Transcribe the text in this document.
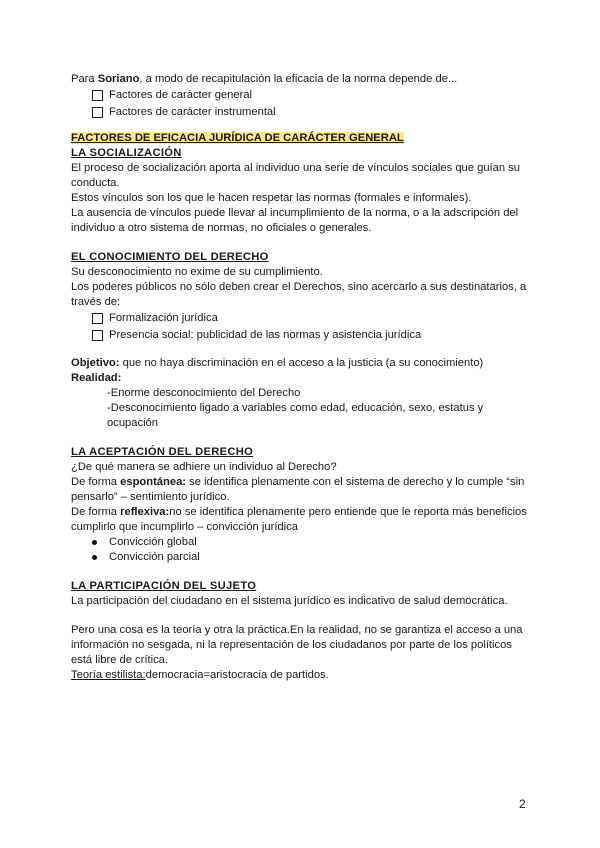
Para Soriano, a modo de recapitulación la eficacia de la norma depende de...

Factores de carácter general
Factores de carácter instrumental

FACTORES DE EFICACIA JURÍDICA DE CARÁCTER GENERAL

LA SOCIALIZACIÓN

El proceso de socialización aporta al individuo una serie de vínculos sociales que guían su conducta.

Estos vínculos son los que le hacen respetar las normas (formales e informales).

La ausencia de vínculos puede llevar al incumplimiento de la norma, o a la adscripción del individuo a otro sistema de normas, no oficiales o generales.

EL CONOCIMIENTO DEL DERECHO

Su desconocimiento no exime de su cumplimiento.

Los poderes públicos no sólo deben crear el Derechos, sino acercarlo a sus destinatarios, a través de:

Formalización jurídica
Presencia social: publicidad de las normas y asistencia jurídica

Objetivo: que no haya discriminación en el acceso a la justicia (a su conocimiento)

Realidad:

-Enorme desconocimiento del Derecho

-Desconocimiento ligado a variables como edad, educación, sexo, estatus y ocupación

LA ACEPTACIÓN DEL DERECHO

¿De qué manera se adhiere un individuo al Derecho?

De forma espontánea: se identifica plenamente con el sistema de derecho y lo cumple “sin pensarlo” – sentimiento jurídico.

De forma reflexiva:no se identifica plenamente pero entiende que le reporta más beneficios cumplirlo que incumplirlo – convicción jurídica

Convicción global
Convicción parcial

LA PARTICIPACIÓN DEL SUJETO

La participación del ciudadano en el sistema jurídico es indicativo de salud democrática.

Pero una cosa es la teoría y otra la práctica.En la realidad, no se garantiza el acceso a una información no sesgada, ni la representación de los ciudadanos por parte de los políticos está libre de crítica.

Teoría estilista:democracia=aristocracia de partidos.

2
